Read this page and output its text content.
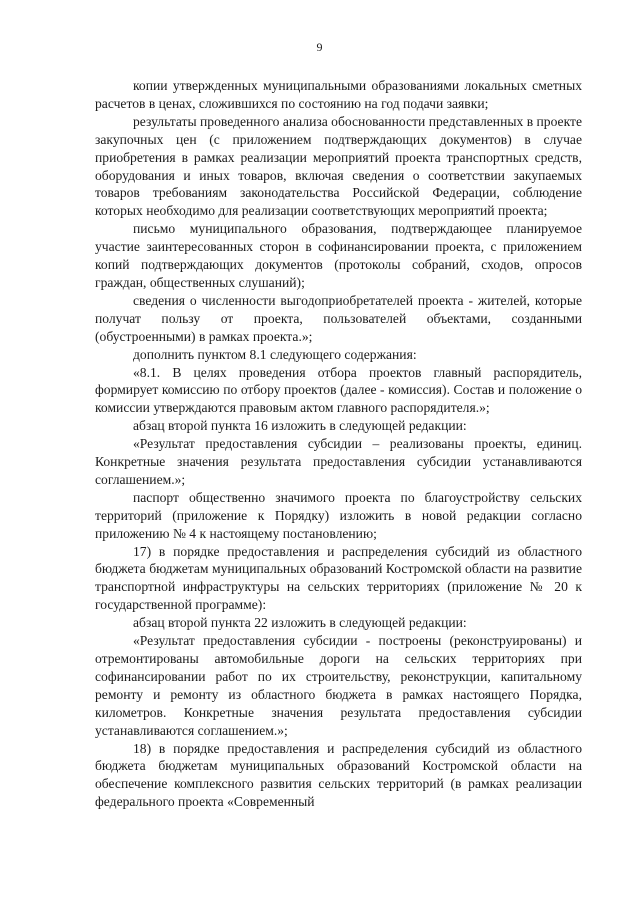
9

копии утвержденных муниципальными образованиями локальных сметных расчетов в ценах, сложившихся по состоянию на год подачи заявки;

результаты проведенного анализа обоснованности представленных в проекте закупочных цен (с приложением подтверждающих документов) в случае приобретения в рамках реализации мероприятий проекта транспортных средств, оборудования и иных товаров, включая сведения о соответствии закупаемых товаров требованиям законодательства Российской Федерации, соблюдение которых необходимо для реализации соответствующих мероприятий проекта;

письмо муниципального образования, подтверждающее планируемое участие заинтересованных сторон в софинансировании проекта, с приложением копий подтверждающих документов (протоколы собраний, сходов, опросов граждан, общественных слушаний);

сведения о численности выгодоприобретателей проекта - жителей, которые получат пользу от проекта, пользователей объектами, созданными (обустроенными) в рамках проекта.»;

дополнить пунктом 8.1 следующего содержания:

«8.1. В целях проведения отбора проектов главный распорядитель, формирует комиссию по отбору проектов (далее - комиссия). Состав и положение о комиссии утверждаются правовым актом главного распорядителя.»;

абзац второй пункта 16 изложить в следующей редакции:

«Результат предоставления субсидии – реализованы проекты, единиц. Конкретные значения результата предоставления субсидии устанавливаются соглашением.»;

паспорт общественно значимого проекта по благоустройству сельских территорий (приложение к Порядку) изложить в новой редакции согласно приложению № 4 к настоящему постановлению;

17) в порядке предоставления и распределения субсидий из областного бюджета бюджетам муниципальных образований Костромской области на развитие транспортной инфраструктуры на сельских территориях (приложение № 20 к государственной программе):

абзац второй пункта 22 изложить в следующей редакции:

«Результат предоставления субсидии - построены (реконструированы) и отремонтированы автомобильные дороги на сельских территориях при софинансировании работ по их строительству, реконструкции, капитальному ремонту и ремонту из областного бюджета в рамках настоящего Порядка, километров. Конкретные значения результата предоставления субсидии устанавливаются соглашением.»;

18) в порядке предоставления и распределения субсидий из областного бюджета бюджетам муниципальных образований Костромской области на обеспечение комплексного развития сельских территорий (в рамках реализации федерального проекта «Современный
